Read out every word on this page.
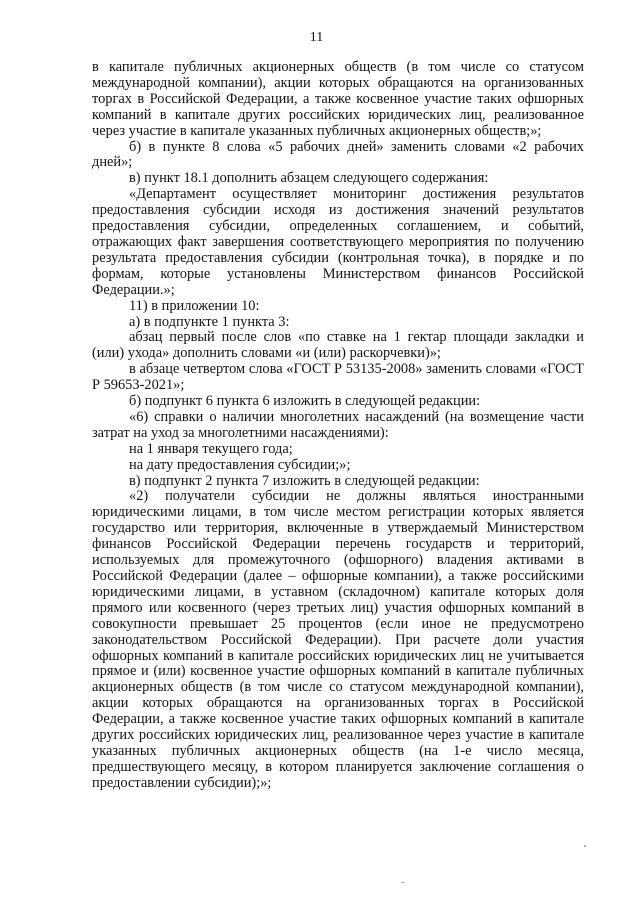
11

в капитале публичных акционерных обществ (в том числе со статусом международной компании), акции которых обращаются на организованных торгах в Российской Федерации, а также косвенное участие таких офшорных компаний в капитале других российских юридических лиц, реализованное через участие в капитале указанных публичных акционерных обществ;»;

б) в пункте 8 слова «5 рабочих дней» заменить словами «2 рабочих дней»;

в) пункт 18.1 дополнить абзацем следующего содержания:

«Департамент осуществляет мониторинг достижения результатов предоставления субсидии исходя из достижения значений результатов предоставления субсидии, определенных соглашением, и событий, отражающих факт завершения соответствующего мероприятия по получению результата предоставления субсидии (контрольная точка), в порядке и по формам, которые установлены Министерством финансов Российской Федерации.»;

11) в приложении 10:

а) в подпункте 1 пункта 3:

абзац первый после слов «по ставке на 1 гектар площади закладки и (или) ухода» дополнить словами «и (или) раскорчевки)»;

в абзаце четвертом слова «ГОСТ Р 53135-2008» заменить словами «ГОСТ Р 59653-2021»;

б) подпункт 6 пункта 6 изложить в следующей редакции:

«6) справки о наличии многолетних насаждений (на возмещение части затрат на уход за многолетними насаждениями):

на 1 января текущего года;

на дату предоставления субсидии;»;

в) подпункт 2 пункта 7 изложить в следующей редакции:

«2) получатели субсидии не должны являться иностранными юридическими лицами, в том числе местом регистрации которых является государство или территория, включенные в утверждаемый Министерством финансов Российской Федерации перечень государств и территорий, используемых для промежуточного (офшорного) владения активами в Российской Федерации (далее – офшорные компании), а также российскими юридическими лицами, в уставном (складочном) капитале которых доля прямого или косвенного (через третьих лиц) участия офшорных компаний в совокупности превышает 25 процентов (если иное не предусмотрено законодательством Российской Федерации). При расчете доли участия офшорных компаний в капитале российских юридических лиц не учитывается прямое и (или) косвенное участие офшорных компаний в капитале публичных акционерных обществ (в том числе со статусом международной компании), акции которых обращаются на организованных торгах в Российской Федерации, а также косвенное участие таких офшорных компаний в капитале других российских юридических лиц, реализованное через участие в капитале указанных публичных акционерных обществ (на 1-е число месяца, предшествующего месяцу, в котором планируется заключение соглашения о предоставлении субсидии);»;
